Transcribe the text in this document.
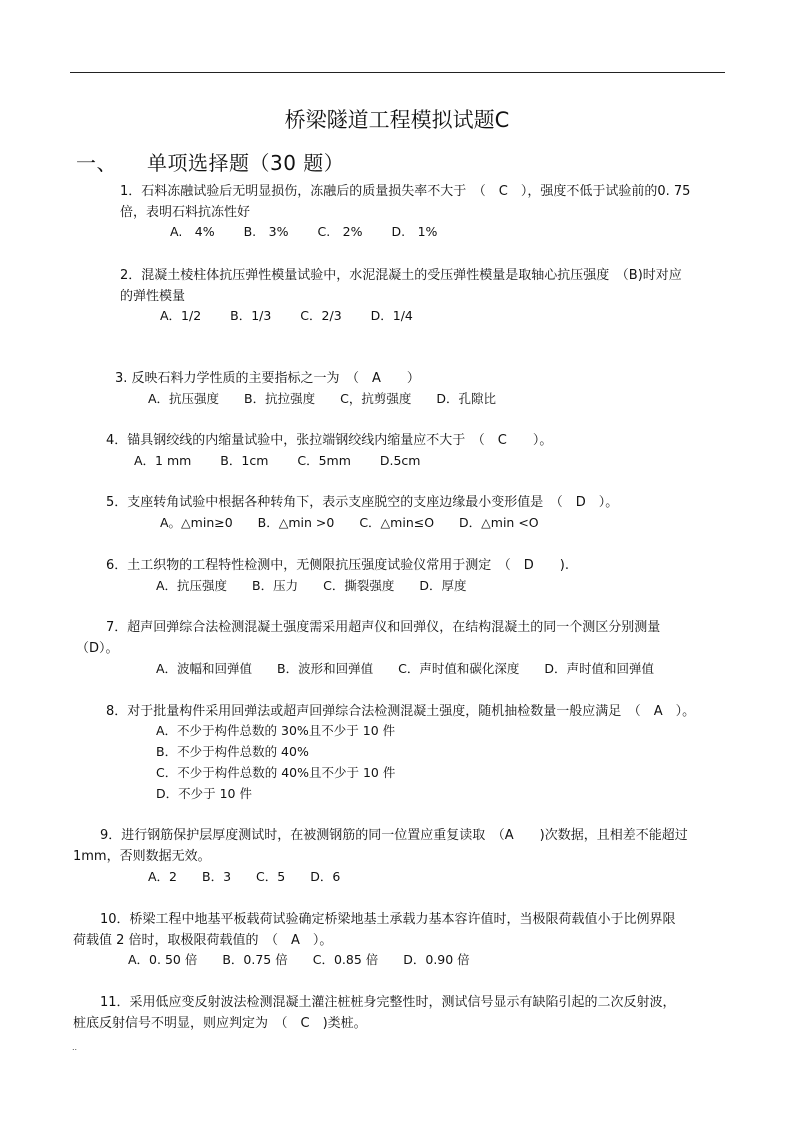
桥梁隧道工程模拟试题C
一、 单项选择题（30 题）
1．石料冻融试验后无明显损伤，冻融后的质量损失率不大于　（　C　），强度不低于试验前的0. 75
倍，表明石料抗冻性好
A.　4%　　 B.　3%　　 C.　2%　　 D.　1%
2．混凝土棱柱体抗压弹性模量试验中，水泥混凝土的受压弹性模量是取轴心抗压强度　（B)时对应
的弹性模量
A．1/2　　 B．1/3　　 C．2/3　　 D．1/4
3. 反映石料力学性质的主要指标之一为　（　A　　）
A．抗压强度　　B．抗拉强度　　C，抗剪强度　　D．孔隙比
4．锚具钢绞线的内缩量试验中，张拉端钢绞线内缩量应不大于　（　C　　）。
A．1 mm　　 B．1cm　　 C．5mm　　 D.5cm
5．支座转角试验中根据各种转角下，表示支座脱空的支座边缘最小变形值是　（　D　）。
A。△min≥0　　B．△min >0　　C．△min≤O　　D．△min <O
6．土工织物的工程特性检测中，无侧限抗压强度试验仪常用于测定　（　D　　).
A．抗压强度　　B．压力　　C．撕裂强度　　D．厚度
7．超声回弹综合法检测混凝土强度需采用超声仪和回弹仪，在结构混凝土的同一个测区分别测量
（D）。
A．波幅和回弹值　　B．波形和回弹值　　C．声时值和碳化深度　　D．声时值和回弹值
8．对于批量构件采用回弹法或超声回弹综合法检测混凝土强度，随机抽检数量一般应满足　（　A　）。
A．不少于构件总数的 30%且不少于 10 件
B．不少于构件总数的 40%
C．不少于构件总数的 40%且不少于 10 件
D．不少于 10 件
9．进行钢筋保护层厚度测试时，在被测钢筋的同一位置应重复读取　（A　　)次数据，且相差不能超过
1mm，否则数据无效。
A．2　　B．3　　C．5　　D．6
10．桥梁工程中地基平板载荷试验确定桥梁地基土承载力基本容许值时，当极限荷载值小于比例界限
荷载值 2 倍时，取极限荷载值的　（　A　）。
A．0. 50 倍　　B．0.75 倍　　C．0.85 倍　　D．0.90 倍
11．采用低应变反射波法检测混凝土灌注桩桩身完整性时，测试信号显示有缺陷引起的二次反射波，
桩底反射信号不明显，则应判定为　（　C　)类桩。
..
